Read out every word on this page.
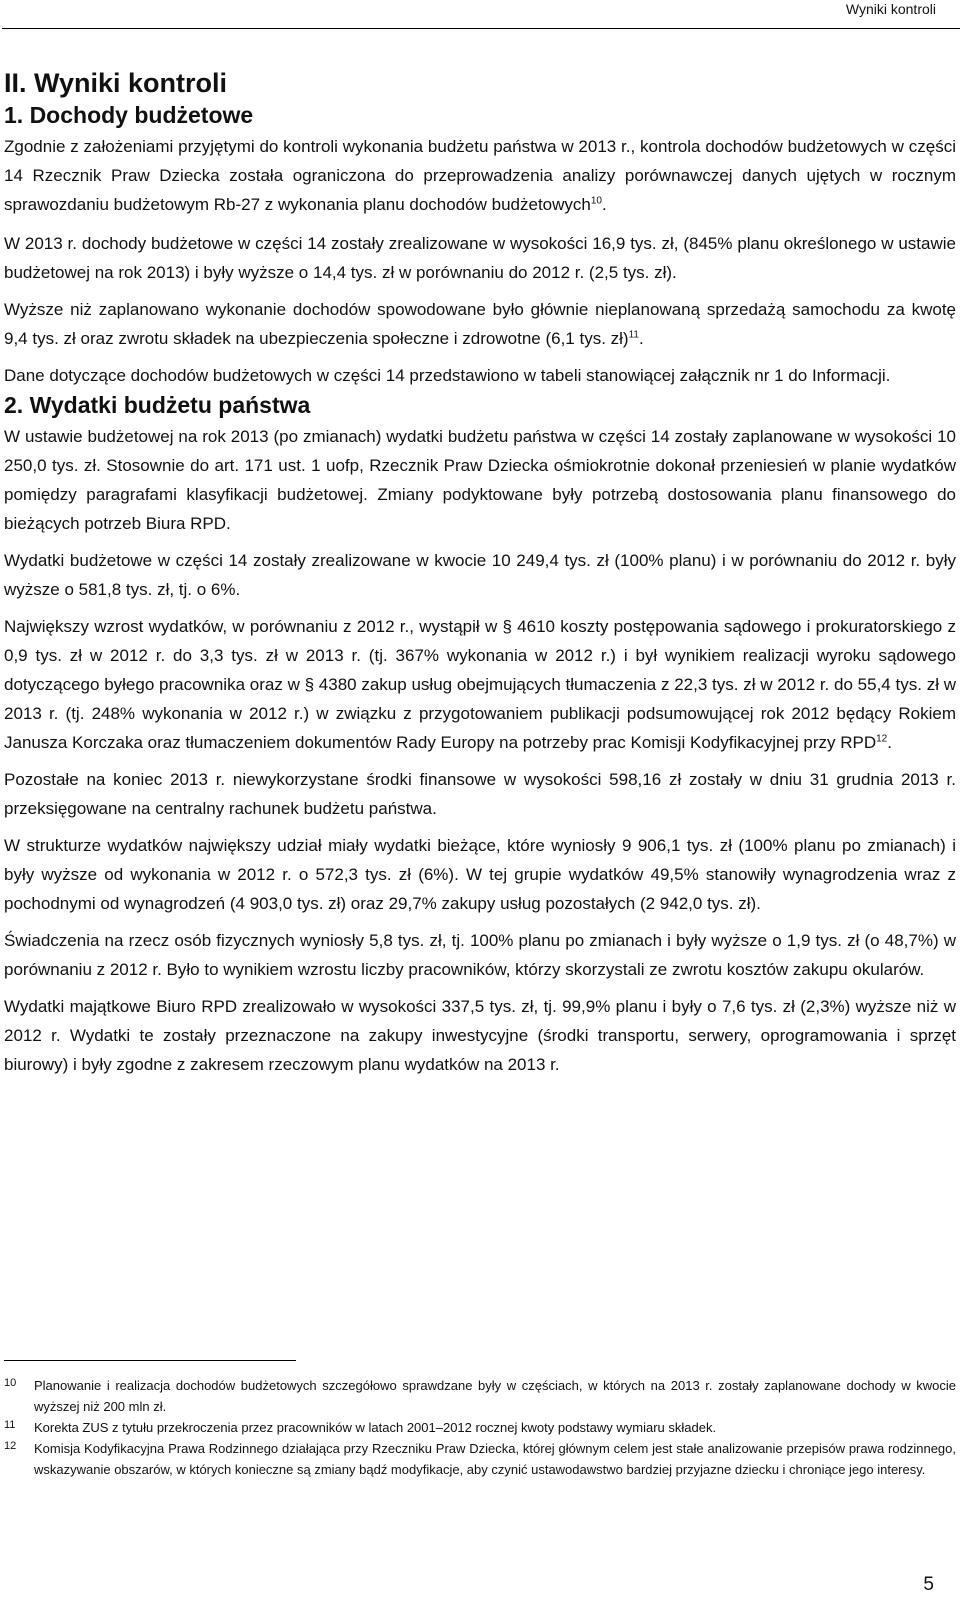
Wyniki kontroli
II. Wyniki kontroli
1. Dochody budżetowe

Zgodnie z założeniami przyjętymi do kontroli wykonania budżetu państwa w 2013 r., kontrola dochodów budżetowych w części 14 Rzecznik Praw Dziecka została ograniczona do przeprowadzenia analizy porównawczej danych ujętych w rocznym sprawozdaniu budżetowym Rb-27 z wykonania planu dochodów budżetowych$^{10}$.

W 2013 r. dochody budżetowe w części 14 zostały zrealizowane w wysokości 16,9 tys. zł, (845% planu określonego w ustawie budżetowej na rok 2013) i były wyższe o 14,4 tys. zł w porównaniu do 2012 r. (2,5 tys. zł).

Wyższe niż zaplanowano wykonanie dochodów spowodowane było głównie nieplanowaną sprzedażą samochodu za kwotę 9,4 tys. zł oraz zwrotu składek na ubezpieczenia społeczne i zdrowotne (6,1 tys. zł)$^{11}$.

Dane dotyczące dochodów budżetowych w części 14 przedstawiono w tabeli stanowiącej załącznik nr 1 do Informacji.

2. Wydatki budżetu państwa

W ustawie budżetowej na rok 2013 (po zmianach) wydatki budżetu państwa w części 14 zostały zaplanowane w wysokości 10 250,0 tys. zł. Stosownie do art. 171 ust. 1 uofp, Rzecznik Praw Dziecka ośmiokrotnie dokonał przeniesień w planie wydatków pomiędzy paragrafami klasyfikacji budżetowej. Zmiany podyktowane były potrzebą dostosowania planu finansowego do bieżących potrzeb Biura RPD.

Wydatki budżetowe w części 14 zostały zrealizowane w kwocie 10 249,4 tys. zł (100% planu) i w porównaniu do 2012 r. były wyższe o 581,8 tys. zł, tj. o 6%.

Największy wzrost wydatków, w porównaniu z 2012 r., wystąpił w § 4610 koszty postępowania sądowego i prokuratorskiego z 0,9 tys. zł w 2012 r. do 3,3 tys. zł w 2013 r. (tj. 367% wykonania w 2012 r.) i był wynikiem realizacji wyroku sądowego dotyczącego byłego pracownika oraz w § 4380 zakup usług obejmujących tłumaczenia z 22,3 tys. zł w 2012 r. do 55,4 tys. zł w 2013 r. (tj. 248% wykonania w 2012 r.) w związku z przygotowaniem publikacji podsumowującej rok 2012 będący Rokiem Janusza Korczaka oraz tłumaczeniem dokumentów Rady Europy na potrzeby prac Komisji Kodyfikacyjnej przy RPD$^{12}$.

Pozostałe na koniec 2013 r. niewykorzystane środki finansowe w wysokości 598,16 zł zostały w dniu 31 grudnia 2013 r. przeksięgowane na centralny rachunek budżetu państwa.

W strukturze wydatków największy udział miały wydatki bieżące, które wyniosły 9 906,1 tys. zł (100% planu po zmianach) i były wyższe od wykonania w 2012 r. o 572,3 tys. zł (6%). W tej grupie wydatków 49,5% stanowiły wynagrodzenia wraz z pochodnymi od wynagrodzeń (4 903,0 tys. zł) oraz 29,7% zakupy usług pozostałych (2 942,0 tys. zł).

Świadczenia na rzecz osób fizycznych wyniosły 5,8 tys. zł, tj. 100% planu po zmianach i były wyższe o 1,9 tys. zł (o 48,7%) w porównaniu z 2012 r. Było to wynikiem wzrostu liczby pracowników, którzy skorzystali ze zwrotu kosztów zakupu okularów.

Wydatki majątkowe Biuro RPD zrealizowało w wysokości 337,5 tys. zł, tj. 99,9% planu i były o 7,6 tys. zł (2,3%) wyższe niż w 2012 r. Wydatki te zostały przeznaczone na zakupy inwestycyjne (środki transportu, serwery, oprogramowania i sprzęt biurowy) i były zgodne z zakresem rzeczowym planu wydatków na 2013 r.

10	Planowanie i realizacja dochodów budżetowych szczegółowo sprawdzane były w częściach, w których na 2013 r. zostały zaplanowane dochody w kwocie wyższej niż 200 mln zł.
11	Korekta ZUS z tytułu przekroczenia przez pracowników w latach 2001–2012 rocznej kwoty podstawy wymiaru składek.
12	Komisja Kodyfikacyjna Prawa Rodzinnego działająca przy Rzeczniku Praw Dziecka, której głównym celem jest stałe analizowanie przepisów prawa rodzinnego, wskazywanie obszarów, w których konieczne są zmiany bądź modyfikacje, aby czynić ustawodawstwo bardziej przyjazne dziecku i chroniące jego interesy.
5
